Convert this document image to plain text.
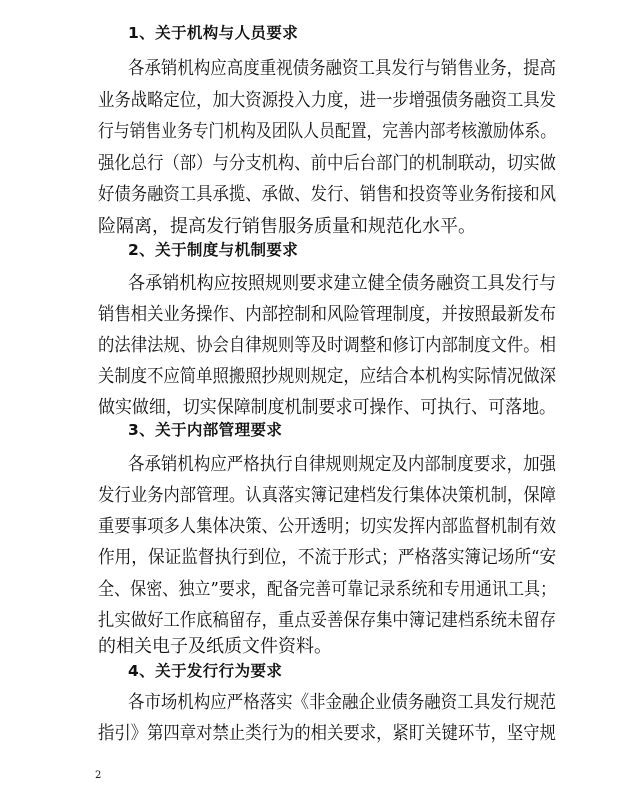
1、关于机构与人员要求
各承销机构应高度重视债务融资工具发行与销售业务，提高
业务战略定位，加大资源投入力度，进一步增强债务融资工具发
行与销售业务专门机构及团队人员配置，完善内部考核激励体系。
强化总行（部）与分支机构、前中后台部门的机制联动，切实做
好债务融资工具承揽、承做、发行、销售和投资等业务衔接和风
险隔离，提高发行销售服务质量和规范化水平。
2、关于制度与机制要求
各承销机构应按照规则要求建立健全债务融资工具发行与
销售相关业务操作、内部控制和风险管理制度，并按照最新发布
的法律法规、协会自律规则等及时调整和修订内部制度文件。相
关制度不应简单照搬照抄规则规定，应结合本机构实际情况做深
做实做细，切实保障制度机制要求可操作、可执行、可落地。
3、关于内部管理要求
各承销机构应严格执行自律规则规定及内部制度要求，加强
发行业务内部管理。认真落实簿记建档发行集体决策机制，保障
重要事项多人集体决策、公开透明；切实发挥内部监督机制有效
作用，保证监督执行到位，不流于形式；严格落实簿记场所“安
全、保密、独立”要求，配备完善可靠记录系统和专用通讯工具；
扎实做好工作底稿留存，重点妥善保存集中簿记建档系统未留存
的相关电子及纸质文件资料。
4、关于发行行为要求
各市场机构应严格落实《非金融企业债务融资工具发行规范
指引》第四章对禁止类行为的相关要求，紧盯关键环节，坚守规
2
